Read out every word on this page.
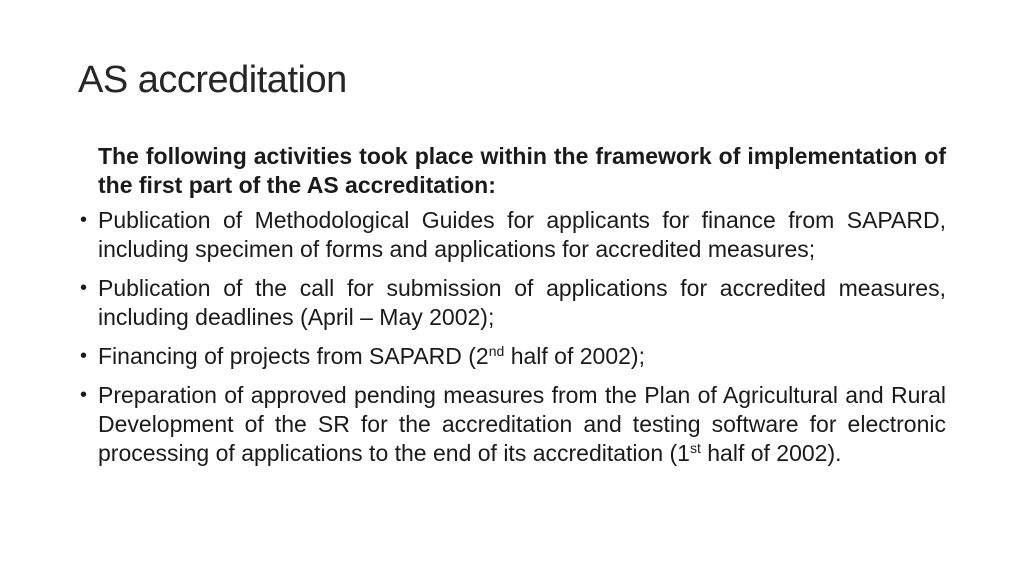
AS accreditation

The following activities took place within the framework of implementation of the first part of the AS accreditation:

• Publication of Methodological Guides for applicants for finance from SAPARD, including specimen of forms and applications for accredited measures;
• Publication of the call for submission of applications for accredited measures, including deadlines (April – May 2002);
• Financing of projects from SAPARD (2nd half of 2002);
• Preparation of approved pending measures from the Plan of Agricultural and Rural Development of the SR for the accreditation and testing software for electronic processing of applications to the end of its accreditation (1st half of 2002).
